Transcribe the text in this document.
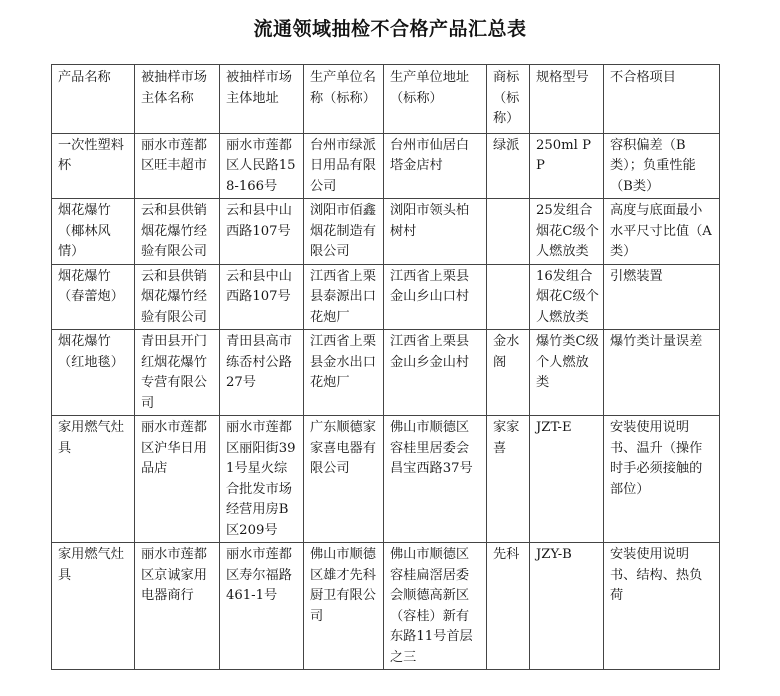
流通领域抽检不合格产品汇总表
产品名称	被抽样市场主体名称	被抽样市场主体地址	生产单位名称（标称）	生产单位地址（标称）	商标（标称）	规格型号	不合格项目
一次性塑料杯	丽水市莲都区旺丰超市	丽水市莲都区人民路158-166号	台州市绿派日用品有限公司	台州市仙居白塔金店村	绿派	250ml PP	容积偏差（B类）；负重性能（B类）
烟花爆竹（椰林风情）	云和县供销烟花爆竹经验有限公司	云和县中山西路107号	浏阳市佰鑫烟花制造有限公司	浏阳市领头柏树村		25发组合烟花C级个人燃放类	高度与底面最小水平尺寸比值（A类）
烟花爆竹（春蕾炮）	云和县供销烟花爆竹经验有限公司	云和县中山西路107号	江西省上栗县泰源出口花炮厂	江西省上栗县金山乡山口村		16发组合烟花C级个人燃放类	引燃装置
烟花爆竹（红地毯）	青田县开门红烟花爆竹专营有限公司	青田县高市练岙村公路27号	江西省上栗县金水出口花炮厂	江西省上栗县金山乡金山村	金水阁	爆竹类C级个人燃放类	爆竹类计量误差
家用燃气灶具	丽水市莲都区沪华日用品店	丽水市莲都区丽阳街391号星火综合批发市场经营用房B区209号	广东顺德家家喜电器有限公司	佛山市顺德区容桂里居委会昌宝西路37号	家家喜	JZT-E	安装使用说明书、温升（操作时手必须接触的部位）
家用燃气灶具	丽水市莲都区京诚家用电器商行	丽水市莲都区寿尔福路461-1号	佛山市顺德区雄才先科厨卫有限公司	佛山市顺德区容桂扁滘居委会顺德高新区（容桂）新有东路11号首层之三	先科	JZY-B	安装使用说明书、结构、热负荷
